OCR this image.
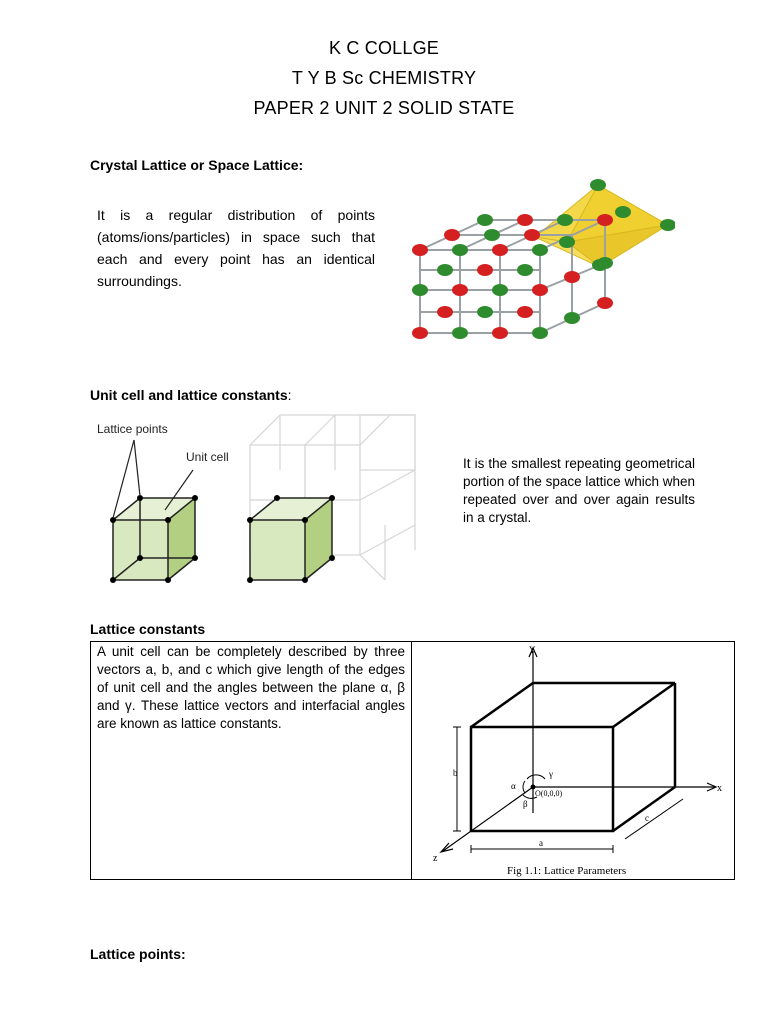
K C COLLGE
T Y B Sc CHEMISTRY
PAPER 2 UNIT 2 SOLID STATE
Crystal Lattice or Space Lattice:
It is a regular distribution of points (atoms/ions/particles) in space such that each and every point has an identical surroundings.
Unit cell and lattice constants:
Lattice points
Unit cell	It is the smallest repeating geometrical portion of the space lattice which when repeated over and over again results in a crystal.
Lattice constants
A unit cell can be completely described by three vectors a, b, and c which give length of the edges of unit cell and the angles between the plane α, β and γ. These lattice vectors and interfacial angles are known as lattice constants.
Y
x
z
b
a
c
α
β
γ
O(0,0,0)
Fig 1.1: Lattice Parameters
Lattice points:
